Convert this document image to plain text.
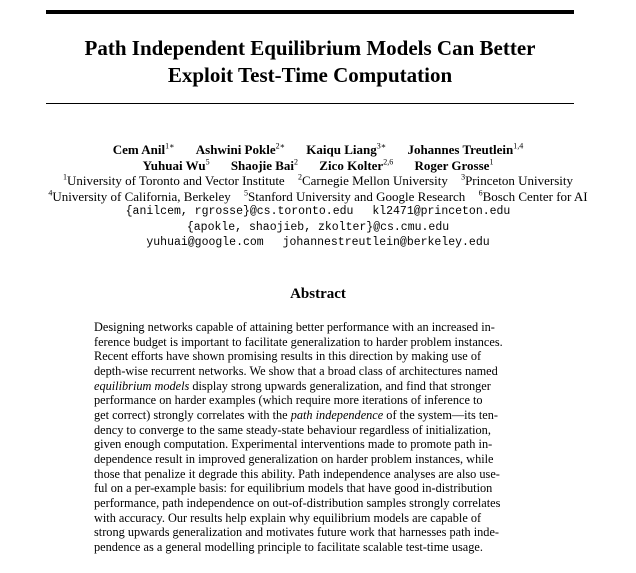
Path Independent Equilibrium Models Can Better
Exploit Test-Time Computation
Cem Anil$^{1∗}$ Ashwini Pokle$^{2∗}$ Kaiqu Liang$^{3∗}$ Johannes Treutlein$^{1,4}$
Yuhuai Wu$^5$ Shaojie Bai$^2$ Zico Kolter$^{2,6}$ Roger Grosse$^1$
$^1$University of Toronto and Vector Institute $^2$Carnegie Mellon University $^3$Princeton University
$^4$University of California, Berkeley $^5$Stanford University and Google Research $^6$Bosch Center for AI
{anilcem, rgrosse}@cs.toronto.edu kl2471@princeton.edu
{apokle, shaojieb, zkolter}@cs.cmu.edu
yuhuai@google.com johannestreutlein@berkeley.edu
Abstract
Designing networks capable of attaining better performance with an increased in-
ference budget is important to facilitate generalization to harder problem instances.
Recent efforts have shown promising results in this direction by making use of
depth-wise recurrent networks. We show that a broad class of architectures named
equilibrium models display strong upwards generalization, and find that stronger
performance on harder examples (which require more iterations of inference to
get correct) strongly correlates with the path independence of the system—its ten-
dency to converge to the same steady-state behaviour regardless of initialization,
given enough computation. Experimental interventions made to promote path in-
dependence result in improved generalization on harder problem instances, while
those that penalize it degrade this ability. Path independence analyses are also use-
ful on a per-example basis: for equilibrium models that have good in-distribution
performance, path independence on out-of-distribution samples strongly correlates
with accuracy. Our results help explain why equilibrium models are capable of
strong upwards generalization and motivates future work that harnesses path inde-
pendence as a general modelling principle to facilitate scalable test-time usage.
